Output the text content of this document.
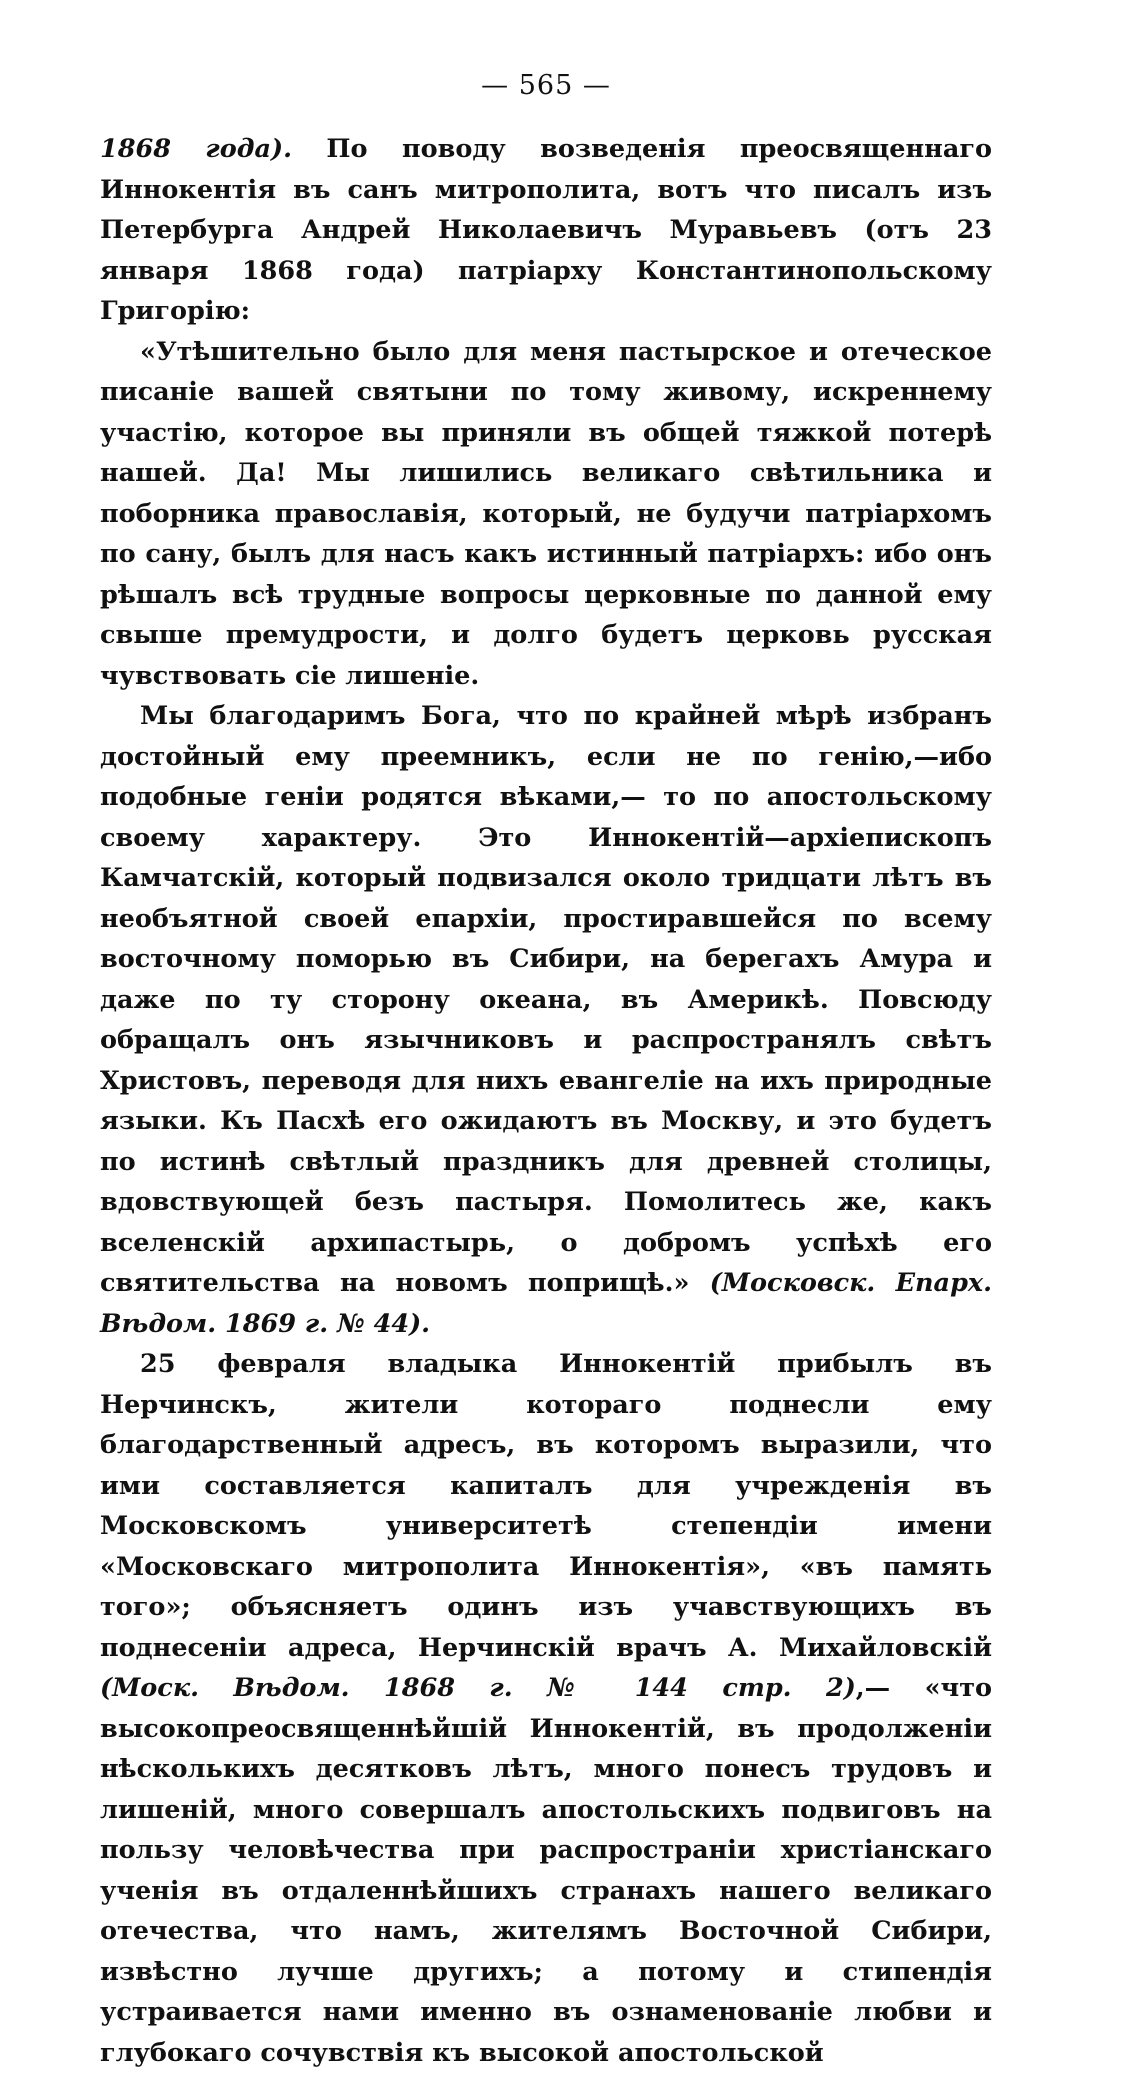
— 565 —

1868 года). По поводу возведенія преосвященнаго Иннокентія въ санъ митрополита, вотъ что писалъ изъ Петербурга Андрей Николаевичъ Муравьевъ (отъ 23 января 1868 года) патріарху Константинопольскому Григорію:

«Утѣшительно было для меня пастырское и отеческое писаніе вашей святыни по тому живому, искреннему участію, которое вы приняли въ общей тяжкой потерѣ нашей. Да! Мы лишились великаго свѣтильника и поборника православія, который, не будучи патріархомъ по сану, былъ для насъ какъ истинный патріархъ: ибо онъ рѣшалъ всѣ трудные вопросы церковные по данной ему свыше премудрости, и долго будетъ церковь русская чувствовать сіе лишеніе.

Мы благодаримъ Бога, что по крайней мѣрѣ избранъ достойный ему преемникъ, если не по генію,—ибо подобные геніи родятся вѣками,— то по апостольскому своему характеру. Это Иннокентій—архіепископъ Камчатскій, который подвизался около тридцати лѣтъ въ необъятной своей епархіи, простиравшейся по всему восточному поморью въ Сибири, на берегахъ Амура и даже по ту сторону океана, въ Америкѣ. Повсюду обращалъ онъ язычниковъ и распространялъ свѣтъ Христовъ, переводя для нихъ евангеліе на ихъ природные языки. Къ Пасхѣ его ожидаютъ въ Москву, и это будетъ по истинѣ свѣтлый праздникъ для древней столицы, вдовствующей безъ пастыря. Помолитесь же, какъ вселенскій архипастырь, о добромъ успѣхѣ его святительства на новомъ поприщѣ.» (Московск. Епарх. Вѣдом. 1869 г. № 44).

25 февраля владыка Иннокентій прибылъ въ Нерчинскъ, жители котораго поднесли ему благодарственный адресъ, въ которомъ выразили, что ими составляется капиталъ для учрежденія въ Московскомъ университетѣ степендіи имени «Московскаго митрополита Иннокентія», «въ память того»; объясняетъ одинъ изъ учавствующихъ въ поднесеніи адреса, Нерчинскій врачъ А. Михайловскій (Моск. Вѣдом. 1868 г. № 144 стр. 2),— «что высокопреосвященнѣйшій Иннокентій, въ продолженіи нѣсколькихъ десятковъ лѣтъ, много понесъ трудовъ и лишеній, много совершалъ апостольскихъ подвиговъ на пользу человѣчества при распространіи христіанскаго ученія въ отдаленнѣйшихъ странахъ нашего великаго отечества, что намъ, жителямъ Восточной Сибири, извѣстно лучше другихъ; а потому и стипендія устраивается нами именно въ ознаменованіе любви и глубокаго сочувствія къ высокой апостольской
